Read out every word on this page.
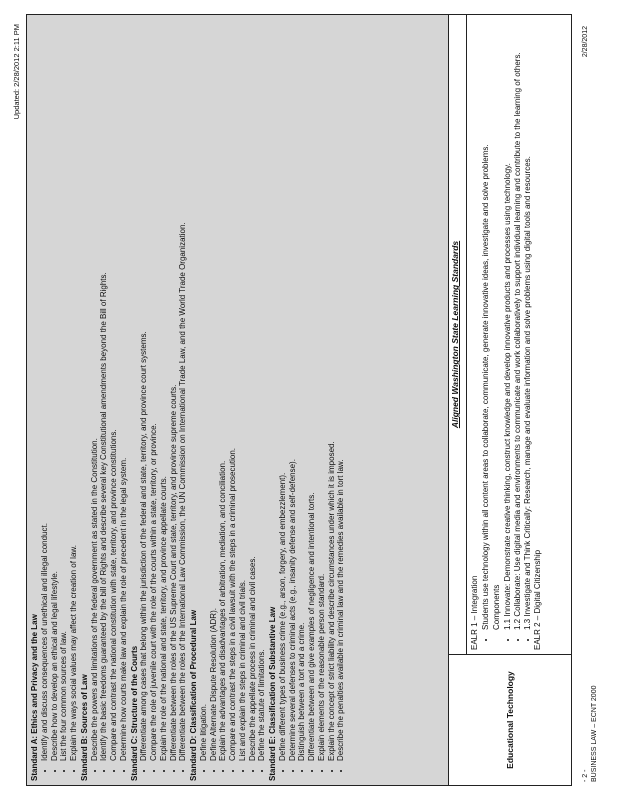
Updated: 2/28/2012 2:11 PM
Standard A: Ethics and Privacy and the Law • Identify and discuss consequences of unethical and illegal conduct. • Describe how to develop an ethical and legal lifestyle. • List the four common sources of law. • Explain the ways social values may affect the creation of law. Standard B: Sources of Law • Describe the powers and limitations of the federal government as stated in the Constitution. • Identify the basic freedoms guaranteed by the bill of Rights and describe several key Constitutional amendments beyond the Bill of Rights. • Compare and contrast the national constitution with state, territory, and province constitutions. • Determine how courts make law and explain the role of precedent in the legal system. Standard C: Structure of the Courts • Differentiate among cases that belong within the jurisdiction of the federal and state, territory, and province court systems. • Compare the role of juvenile court with the role of the courts within a state, territory, or province. • Explain the role of the national and state, territory, and province appellate courts. • Differentiate between the roles of the US Supreme Court and state, territory, and province supreme courts. • Differentiate between the roles of the International Law Commission, the UN Commission on International Trade Law, and the World Trade Organization. Standard D: Classification of Procedural Law • Define litigation. • Define Alternate Dispute Resolution (ADR). • Explain the advantages and disadvantages of arbitration, mediation, and conciliation. • Compare and contrast the steps in a civil lawsuit with the steps in a criminal prosecution. • List and explain the steps in criminal and civil trials. • Describe the appellate process in criminal and civil cases. • Define the statute of limitations. Standard E: Classification of Substantive Law • Define different types of business crime (e.g., arson, forgery, and embezzlement). • Determine several defenses to criminal acts (e.g., insanity defense and self-defense). • Distinguish between a tort and a crime. • Differentiate between and give examples of negligence and intentional torts. • Explain elements of the reasonable person standard. • Explain the concept of strict liability and describe circumstances under which it is imposed. • Describe the penalties available in criminal law and the remedies available in tort law.

Educational Technology	Aligned Washington State Learning Standards

EALR 1 – Integration • Students use technology within all content areas to collaborate, communicate, generate innovative ideas, investigate and solve problems. Components • 1.1 Innovate: Demonstrate creative thinking, construct knowledge and develop innovative products and processes using technology. • 1.2 Collaborate: Use digital media and environments to communicate and work collaboratively to support individual learning and contribute to the learning of others. • 1.3 Investigate and Think Critically: Research, manage and evaluate information and solve problems using digital tools and resources. EALR 2 – Digital Citizenship
- 2 - BUSINESS LAW – ECNT 2000
2/28/2012
